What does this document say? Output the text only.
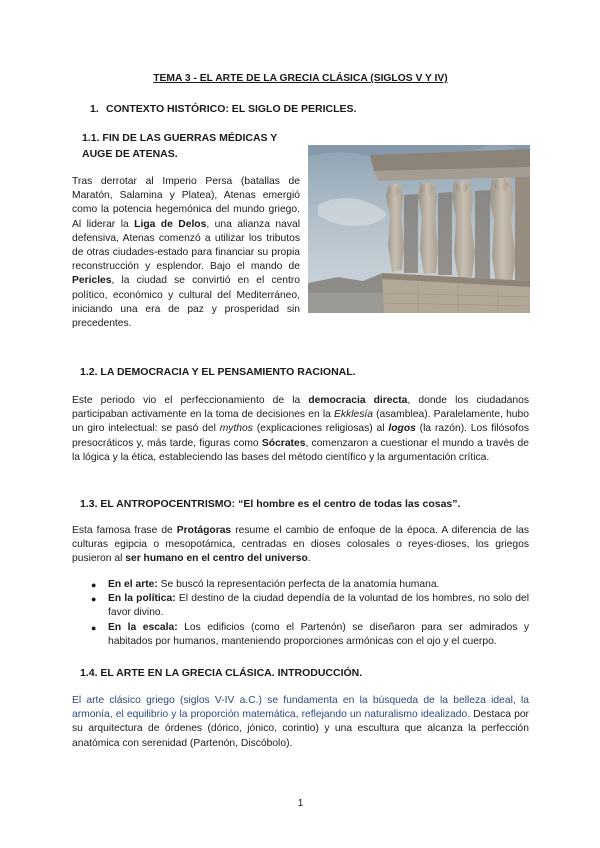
TEMA 3 - EL ARTE DE LA GRECIA CLÁSICA (SIGLOS V Y IV)
1. CONTEXTO HISTÓRICO: EL SIGLO DE PERICLES.
1.1. FIN DE LAS GUERRAS MÉDICAS Y AUGE DE ATENAS.

Tras derrotar al Imperio Persa (batallas de Maratón, Salamina y Platea), Atenas emergió como la potencia hegemónica del mundo griego. Al liderar la Liga de Delos, una alianza naval defensiva, Atenas comenzó a utilizar los tributos de otras ciudades-estado para financiar su propia reconstrucción y esplendor. Bajo el mando de Pericles, la ciudad se convirtió en el centro político, económico y cultural del Mediterráneo, iniciando una era de paz y prosperidad sin precedentes.

1.2. LA DEMOCRACIA Y EL PENSAMIENTO RACIONAL.

Este periodo vio el perfeccionamiento de la democracia directa, donde los ciudadanos participaban activamente en la toma de decisiones en la Ekklesía (asamblea). Paralelamente, hubo un giro intelectual: se pasó del mythos (explicaciones religiosas) al logos (la razón). Los filósofos presocráticos y, más tarde, figuras como Sócrates, comenzaron a cuestionar el mundo a través de la lógica y la ética, estableciendo las bases del método científico y la argumentación crítica.

1.3. EL ANTROPOCENTRISMO: “El hombre es el centro de todas las cosas”.

Esta famosa frase de Protágoras resume el cambio de enfoque de la época. A diferencia de las culturas egipcia o mesopotámica, centradas en dioses colosales o reyes-dioses, los griegos pusieron al ser humano en el centro del universo.

● En el arte: Se buscó la representación perfecta de la anatomía humana.
● En la política: El destino de la ciudad dependía de la voluntad de los hombres, no solo del favor divino.
● En la escala: Los edificios (como el Partenón) se diseñaron para ser admirados y habitados por humanos, manteniendo proporciones armónicas con el ojo y el cuerpo.
1.4. EL ARTE EN LA GRECIA CLÁSICA. INTRODUCCIÓN.

El arte clásico griego (siglos V-IV a.C.) se fundamenta en la búsqueda de la belleza ideal, la armonía, el equilibrio y la proporción matemática, reflejando un naturalismo idealizado. Destaca por su arquitectura de órdenes (dórico, jónico, corintio) y una escultura que alcanza la perfección anatómica con serenidad (Partenón, Discóbolo).

1
